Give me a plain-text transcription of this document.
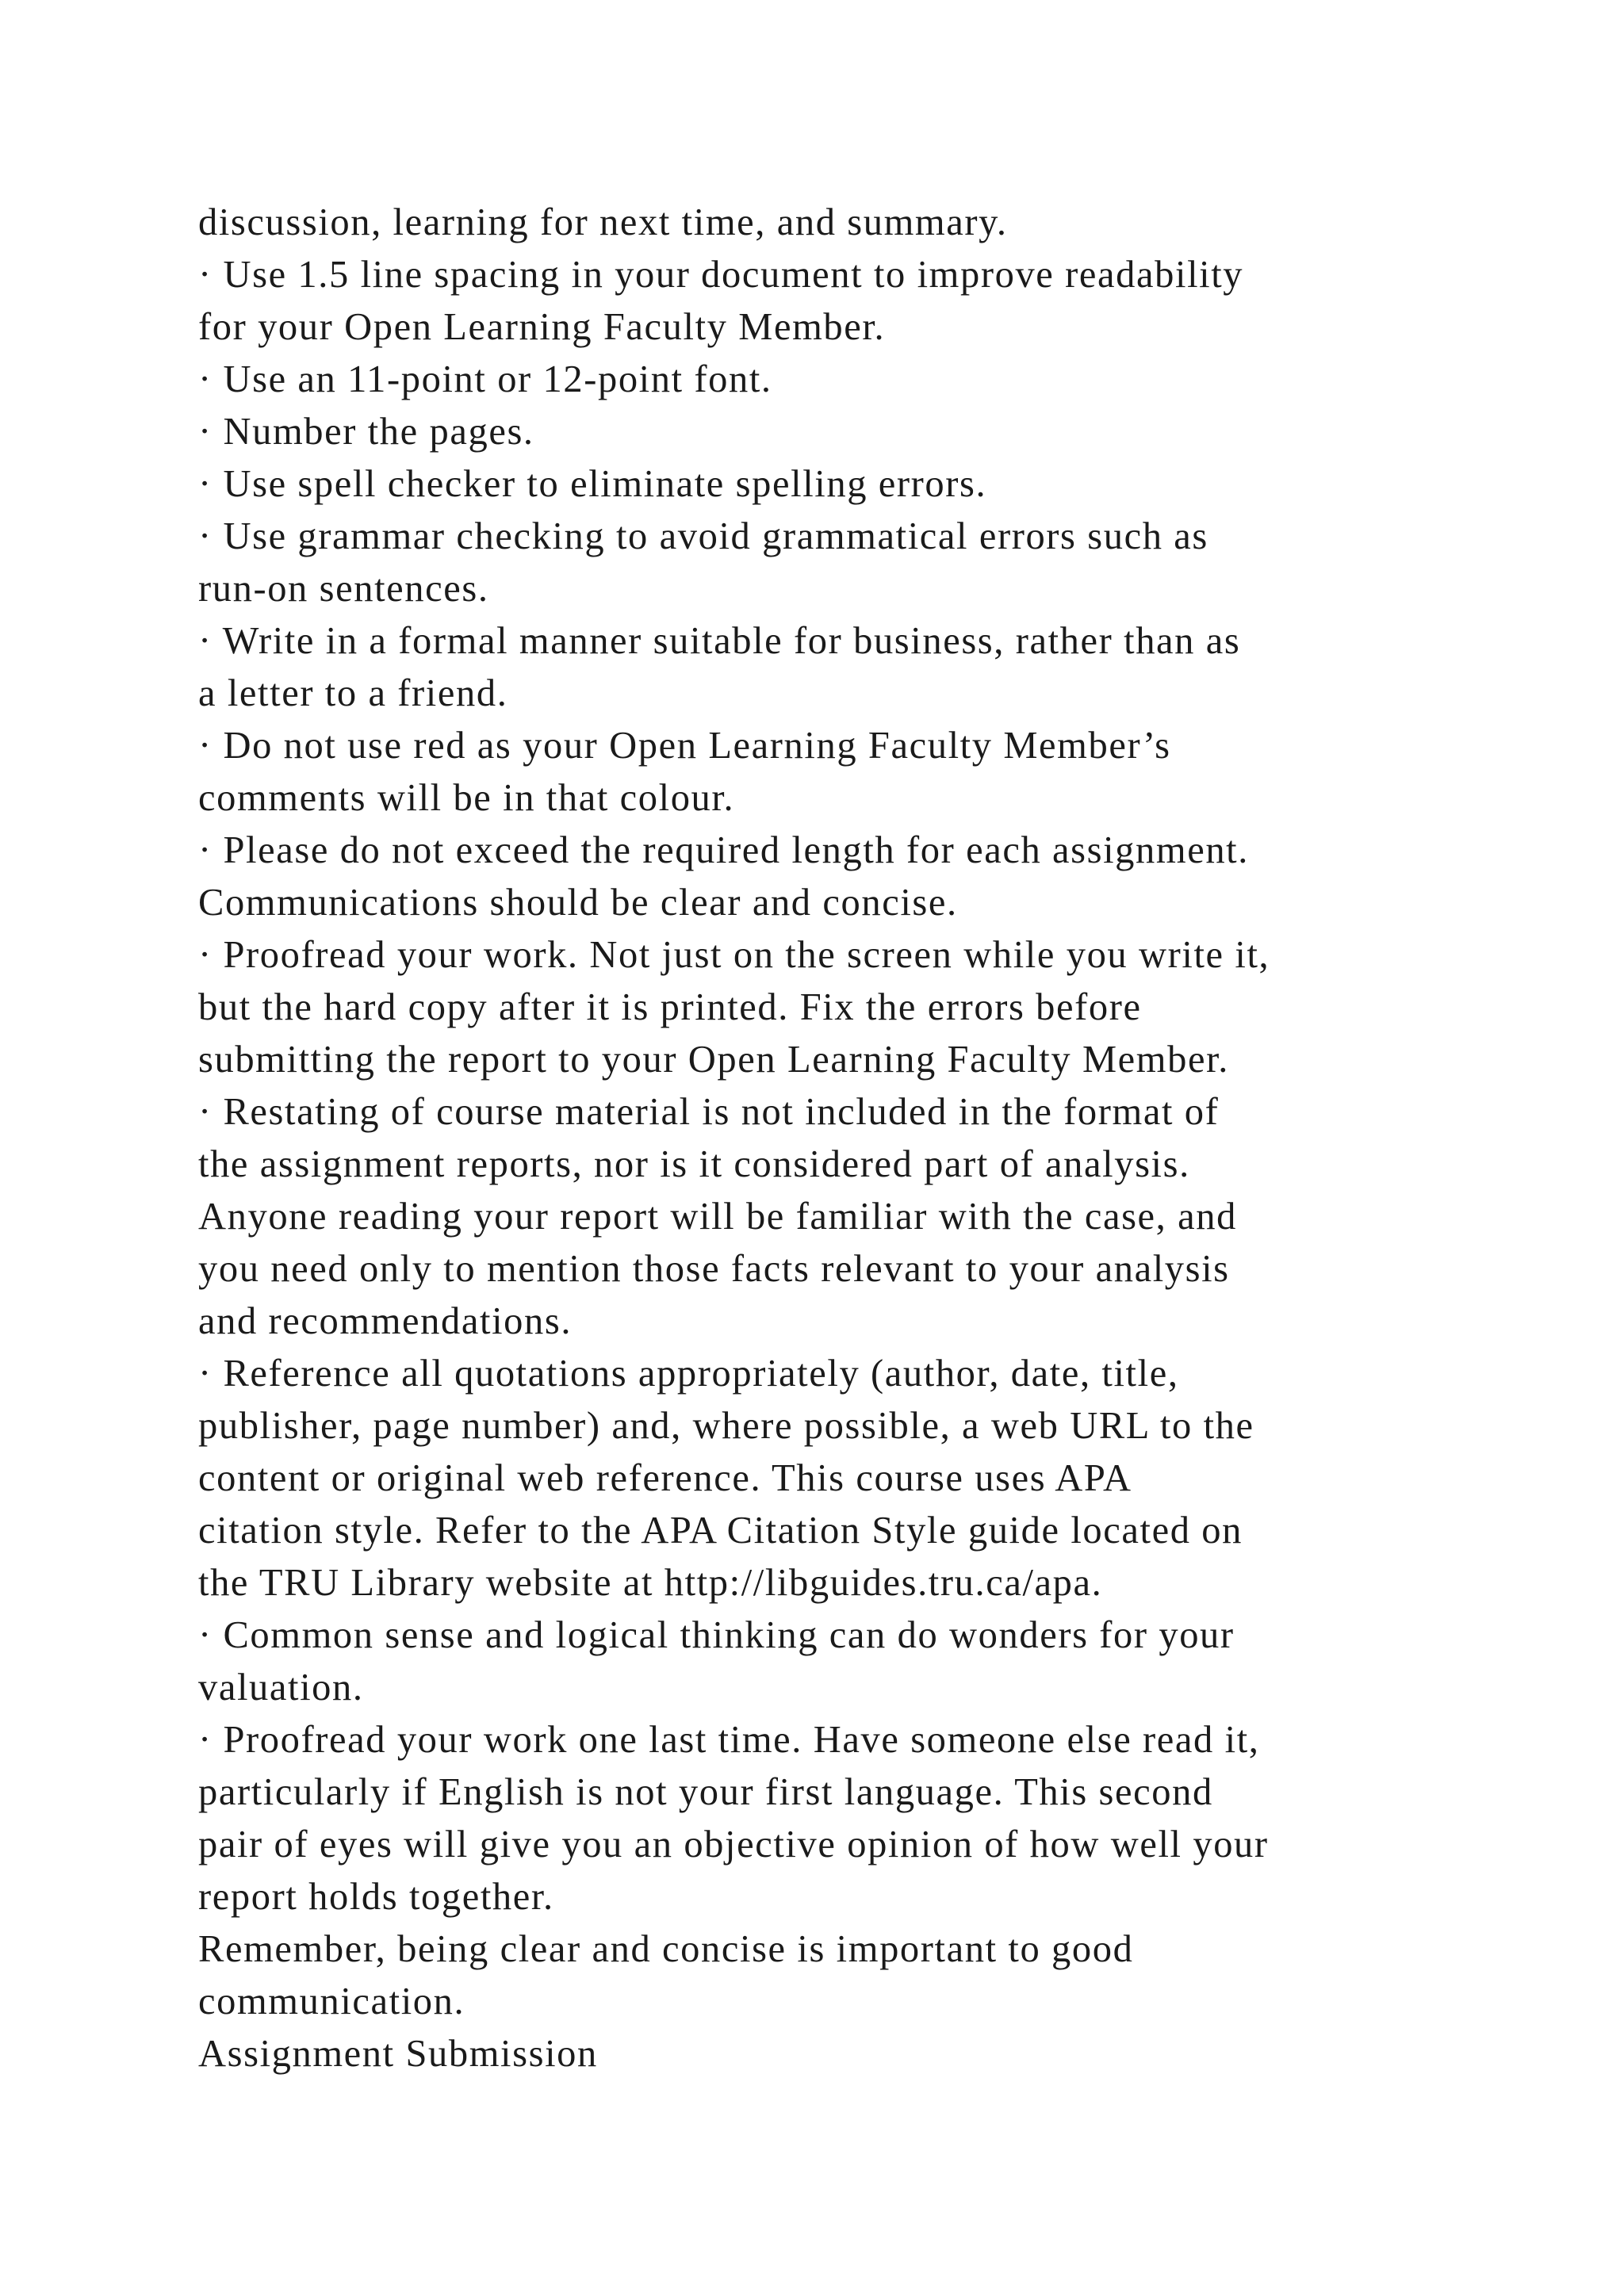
discussion, learning for next time, and summary.
· Use 1.5 line spacing in your document to improve readability
for your Open Learning Faculty Member.
· Use an 11-point or 12-point font.
· Number the pages.
· Use spell checker to eliminate spelling errors.
· Use grammar checking to avoid grammatical errors such as
run-on sentences.
· Write in a formal manner suitable for business, rather than as
a letter to a friend.
· Do not use red as your Open Learning Faculty Member’s
comments will be in that colour.
· Please do not exceed the required length for each assignment.
Communications should be clear and concise.
· Proofread your work. Not just on the screen while you write it,
but the hard copy after it is printed. Fix the errors before
submitting the report to your Open Learning Faculty Member.
· Restating of course material is not included in the format of
the assignment reports, nor is it considered part of analysis.
Anyone reading your report will be familiar with the case, and
you need only to mention those facts relevant to your analysis
and recommendations.
· Reference all quotations appropriately (author, date, title,
publisher, page number) and, where possible, a web URL to the
content or original web reference. This course uses APA
citation style. Refer to the APA Citation Style guide located on
the TRU Library website at http://libguides.tru.ca/apa.
· Common sense and logical thinking can do wonders for your
valuation.
· Proofread your work one last time. Have someone else read it,
particularly if English is not your first language. This second
pair of eyes will give you an objective opinion of how well your
report holds together.
Remember, being clear and concise is important to good
communication.
Assignment Submission
